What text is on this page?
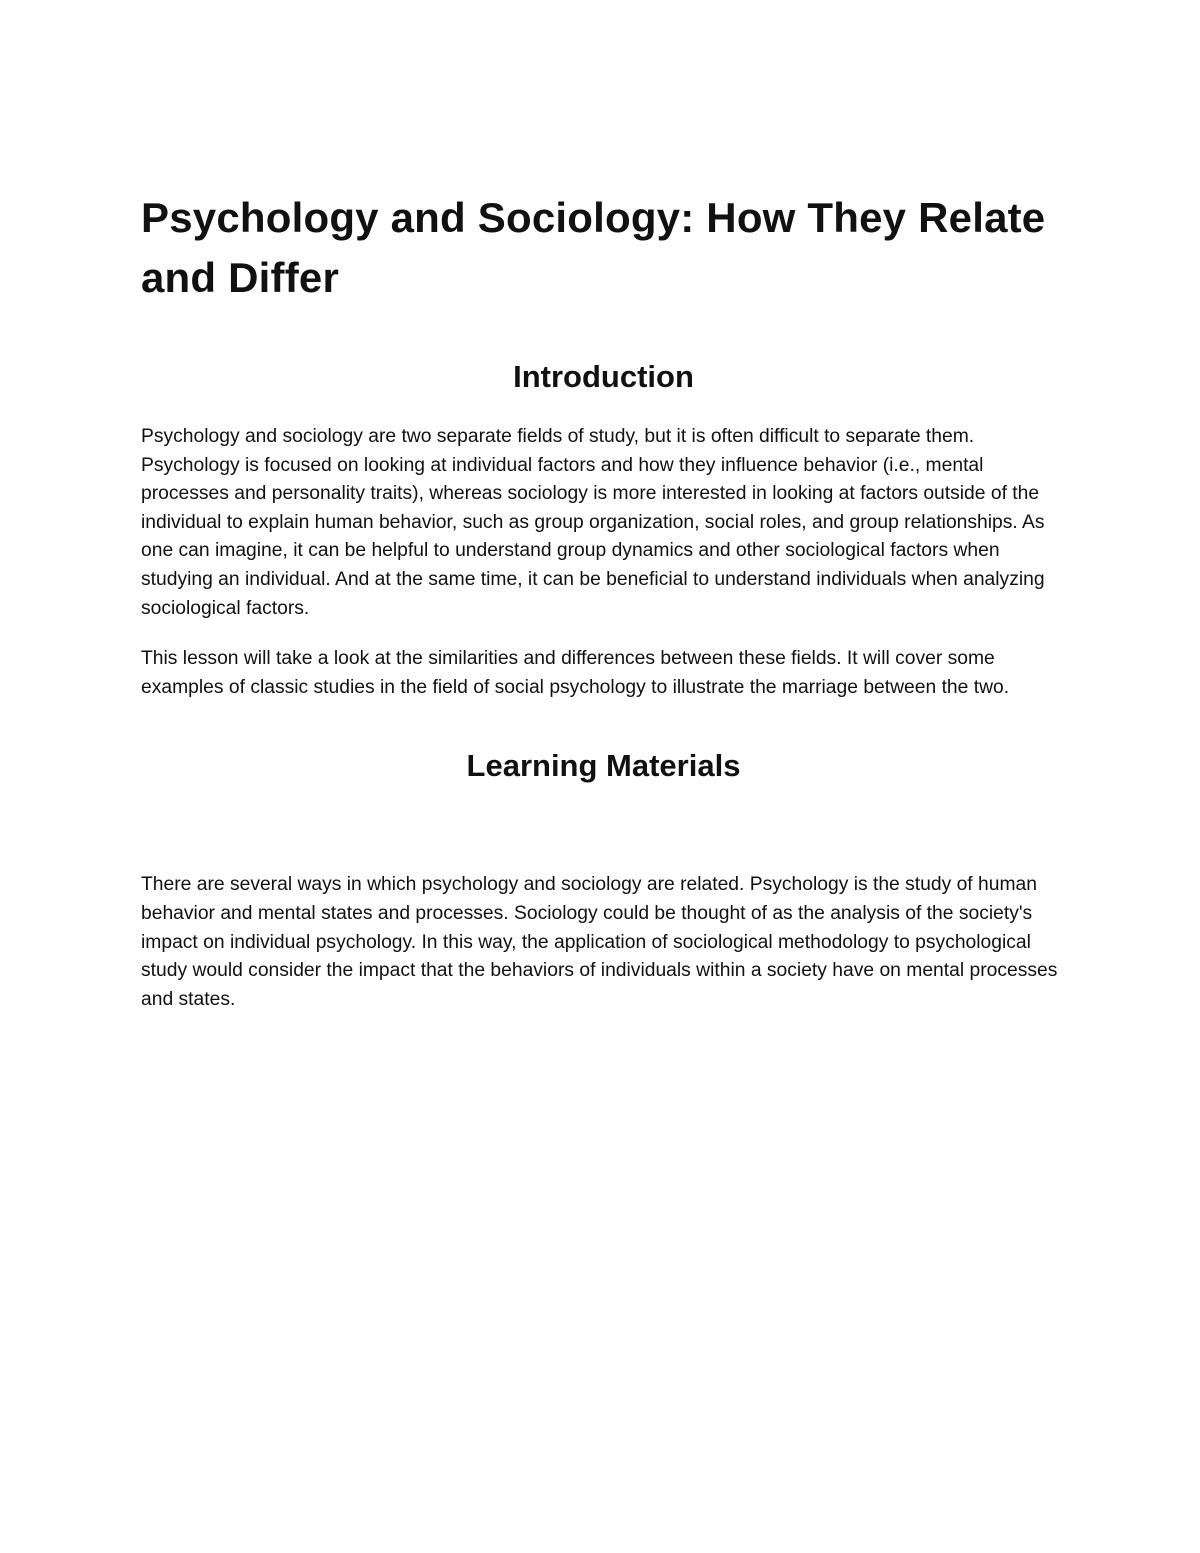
Psychology and Sociology: How They Relate and Differ
Introduction

Psychology and sociology are two separate fields of study, but it is often difficult to separate them. Psychology is focused on looking at individual factors and how they influence behavior (i.e., mental processes and personality traits), whereas sociology is more interested in looking at factors outside of the individual to explain human behavior, such as group organization, social roles, and group relationships. As one can imagine, it can be helpful to understand group dynamics and other sociological factors when studying an individual. And at the same time, it can be beneficial to understand individuals when analyzing sociological factors.

This lesson will take a look at the similarities and differences between these fields. It will cover some examples of classic studies in the field of social psychology to illustrate the marriage between the two.

Learning Materials

There are several ways in which psychology and sociology are related. Psychology is the study of human behavior and mental states and processes. Sociology could be thought of as the analysis of the society's impact on individual psychology. In this way, the application of sociological methodology to psychological study would consider the impact that the behaviors of individuals within a society have on mental processes and states.
